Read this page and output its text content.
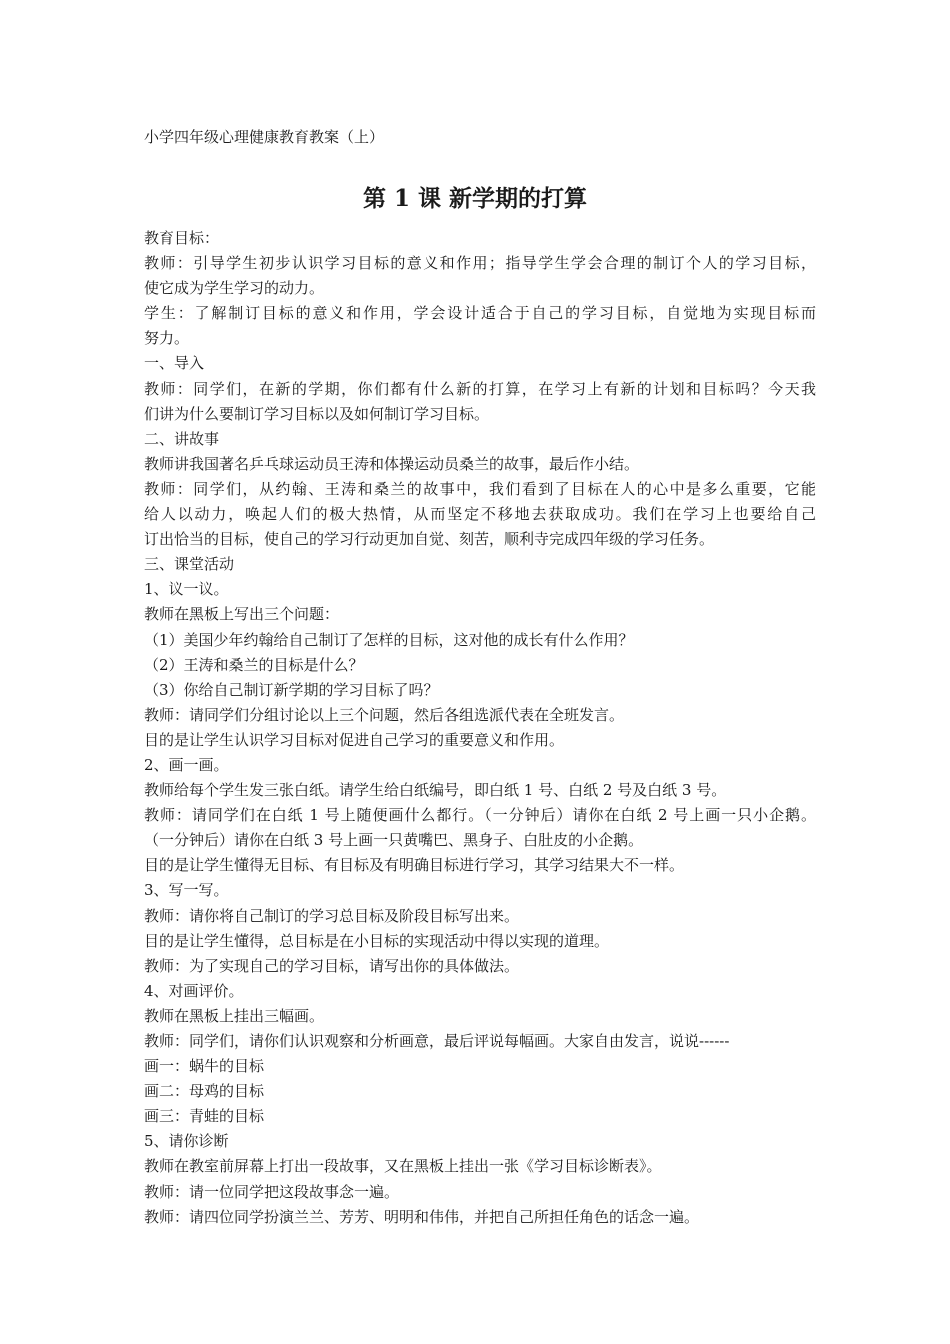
小学四年级心理健康教育教案（上）
第 1 课 新学期的打算
教育目标：
教师：引导学生初步认识学习目标的意义和作用；指导学生学会合理的制订个人的学习目标，
使它成为学生学习的动力。
学生：了解制订目标的意义和作用，学会设计适合于自己的学习目标，自觉地为实现目标而
努力。
一、导入
教师：同学们，在新的学期，你们都有什么新的打算，在学习上有新的计划和目标吗？今天我
们讲为什么要制订学习目标以及如何制订学习目标。
二、讲故事
教师讲我国著名乒乓球运动员王涛和体操运动员桑兰的故事，最后作小结。
教师：同学们，从约翰、王涛和桑兰的故事中，我们看到了目标在人的心中是多么重要，它能
给人以动力，唤起人们的极大热情，从而坚定不移地去获取成功。我们在学习上也要给自己
订出恰当的目标，使自己的学习行动更加自觉、刻苦，顺利寺完成四年级的学习任务。
三、课堂活动
1、议一议。
教师在黑板上写出三个问题：
（1）美国少年约翰给自己制订了怎样的目标，这对他的成长有什么作用？
（2）王涛和桑兰的目标是什么？
（3）你给自己制订新学期的学习目标了吗？
教师：请同学们分组讨论以上三个问题，然后各组选派代表在全班发言。
目的是让学生认识学习目标对促进自己学习的重要意义和作用。
2、画一画。
教师给每个学生发三张白纸。请学生给白纸编号，即白纸 1 号、白纸 2 号及白纸 3 号。
教师：请同学们在白纸 1 号上随便画什么都行。（一分钟后）请你在白纸 2 号上画一只小企鹅。
（一分钟后）请你在白纸 3 号上画一只黄嘴巴、黑身子、白肚皮的小企鹅。
目的是让学生懂得无目标、有目标及有明确目标进行学习，其学习结果大不一样。
3、写一写。
教师：请你将自己制订的学习总目标及阶段目标写出来。
目的是让学生懂得，总目标是在小目标的实现活动中得以实现的道理。
教师：为了实现自己的学习目标，请写出你的具体做法。
4、对画评价。
教师在黑板上挂出三幅画。
教师：同学们，请你们认识观察和分析画意，最后评说每幅画。大家自由发言，说说------
画一：蜗牛的目标
画二：母鸡的目标
画三：青蛙的目标
5、请你诊断
教师在教室前屏幕上打出一段故事，又在黑板上挂出一张《学习目标诊断表》。
教师：请一位同学把这段故事念一遍。
教师：请四位同学扮演兰兰、芳芳、明明和伟伟，并把自己所担任角色的话念一遍。
